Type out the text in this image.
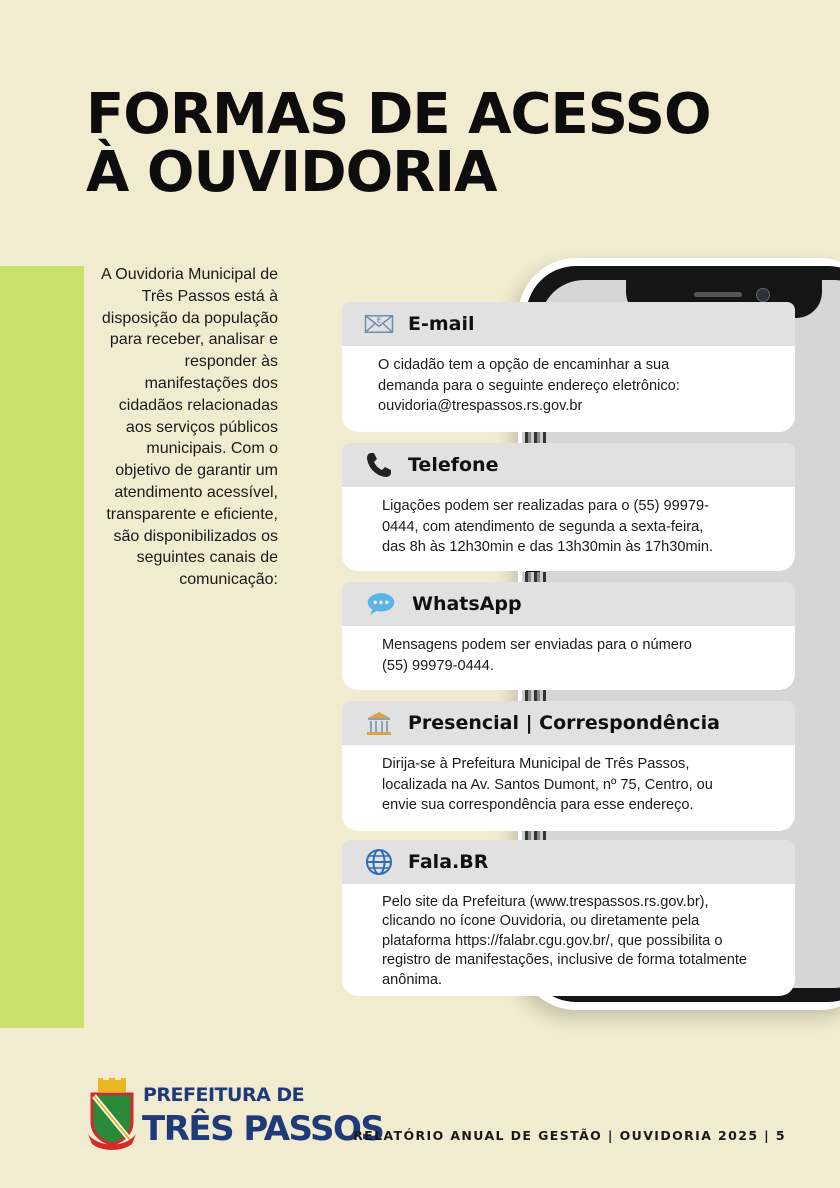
FORMAS DE ACESSO
À OUVIDORIA
A Ouvidoria Municipal de Três Passos está à disposição da população para receber, analisar e responder às manifestações dos cidadãos relacionadas aos serviços públicos municipais. Com o objetivo de garantir um atendimento acessível, transparente e eficiente, são disponibilizados os seguintes canais de comunicação:
E E-mail
O cidadão tem a opção de encaminhar a sua
demanda para o seguinte endereço eletrônico:
ouvidoria@trespassos.rs.gov.br
Telefone
Ligações podem ser realizadas para o (55) 99979-
0444, com atendimento de segunda a sexta-feira,
das 8h às 12h30min e das 13h30min às 17h30min.
WhatsApp
Mensagens podem ser enviadas para o número
(55) 99979-0444.
Presencial | Correspondência
Dirija-se à Prefeitura Municipal de Três Passos,
localizada na Av. Santos Dumont, nº 75, Centro, ou
envie sua correspondência para esse endereço.
Fala.BR
Pelo site da Prefeitura (www.trespassos.rs.gov.br),
clicando no ícone Ouvidoria, ou diretamente pela
plataforma https://falabr.cgu.gov.br/, que possibilita o
registro de manifestações, inclusive de forma totalmente
anônima.
PREFEITURA DE
TRÊS PASSOS
RELATÓRIO ANUAL DE GESTÃO | OUVIDORIA 2025 | 5
